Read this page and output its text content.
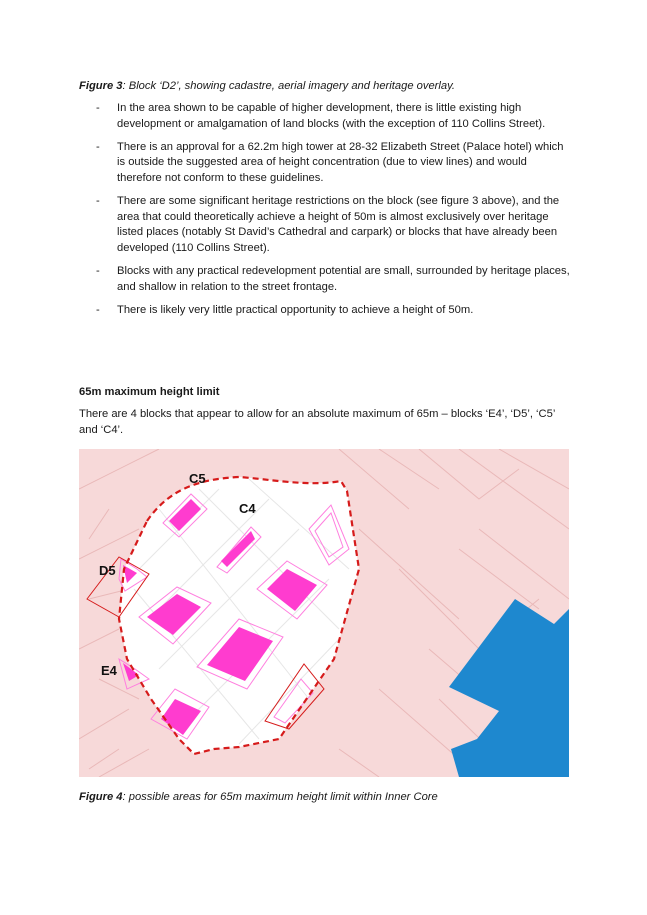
Figure 3: Block ‘D2’, showing cadastre, aerial imagery and heritage overlay.
- In the area shown to be capable of higher development, there is little existing high development or amalgamation of land blocks (with the exception of 110 Collins Street).
- There is an approval for a 62.2m high tower at 28-32 Elizabeth Street (Palace hotel) which is outside the suggested area of height concentration (due to view lines) and would therefore not conform to these guidelines.
- There are some significant heritage restrictions on the block (see figure 3 above), and the area that could theoretically achieve a height of 50m is almost exclusively over heritage listed places (notably St David’s Cathedral and carpark) or blocks that have already been developed (110 Collins Street).
- Blocks with any practical redevelopment potential are small, surrounded by heritage places, and shallow in relation to the street frontage.
- There is likely very little practical opportunity to achieve a height of 50m.
65m maximum height limit
There are 4 blocks that appear to allow for an absolute maximum of 65m – blocks ‘E4’, ‘D5’, ‘C5’ and ‘C4’.
C5
C4
D5
E4
Figure 4: possible areas for 65m maximum height limit within Inner Core
